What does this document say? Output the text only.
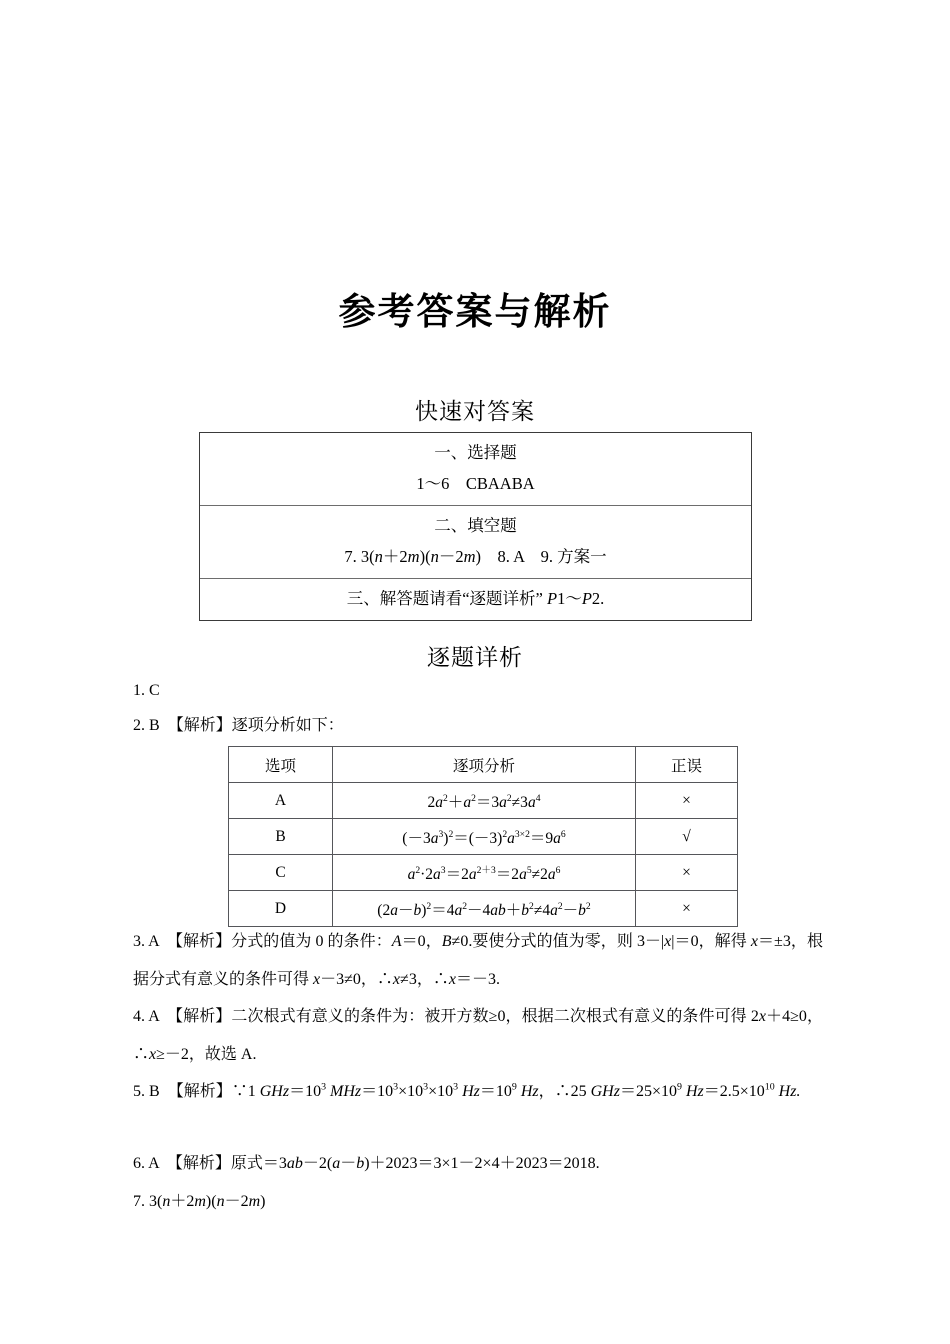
参考答案与解析
快速对答案
一、选择题
1～6　CBAABA
二、填空题
7. 3(n＋2m)(n－2m)　8. A　9. 方案一
三、解答题请看“逐题详析” P1～P2.
逐题详析
选项	逐项分析	正误
A	$2a^2+a^2=3a^2\ne 3a^4$	×
B	$(-3a^3)^2=(-3)^2a^{3\times 2}=9a^6$	√
C	$a^2\cdot 2a^3=2a^{2+3}=2a^5\ne 2a^6$	×
D	$(2a-b)^2=4a^2-4ab+b^2\ne 4a^2-b^2$	×
1. C
2. B　 【解析】逐项分析如下：
3. A　 【解析】分式的值为 0 的条件：A＝0，B≠0.要使分式的值为零，则 3－|x|＝0，解得 x＝±3，根据分式有意义的条件可得 x－3≠0，∴x≠3，∴x＝－3.
4. A　 【解析】二次根式有意义的条件为：被开方数≥0，根据二次根式有意义的条件可得 2x＋4≥0，∴x≥－2，故选 A.
5. B　 【解析】∵1 $GHz=10^3$ $MHz=10^3\times 10^3\times 10^3$ $Hz=10^9$ Hz，∴25 $GHz=25\times 10^9$ $Hz=2.5\times 10^{10}$ Hz.
6. A　 【解析】原式＝3ab－2(a－b)＋2023＝3×1－2×4＋2023＝2018.
7. 3(n＋2m)(n－2m)
